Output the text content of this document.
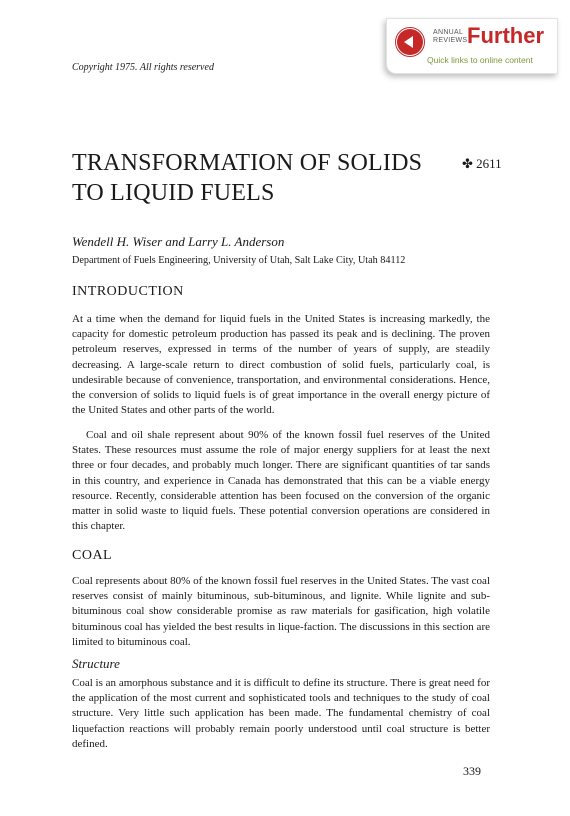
ANNUAL
REVIEWS Further
Quick links to online content
Copyright 1975. All rights reserved
TRANSFORMATION OF SOLIDS TO LIQUID FUELS
✤ 2611
Wendell H. Wiser and Larry L. Anderson
Department of Fuels Engineering, University of Utah, Salt Lake City, Utah 84112
INTRODUCTION
At a time when the demand for liquid fuels in the United States is increasing markedly, the capacity for domestic petroleum production has passed its peak and is declining. The proven petroleum reserves, expressed in terms of the number of years of supply, are steadily decreasing. A large-scale return to direct combustion of solid fuels, particularly coal, is undesirable because of convenience, transportation, and environmental considerations. Hence, the conversion of solids to liquid fuels is of great importance in the overall energy picture of the United States and other parts of the world.
Coal and oil shale represent about 90% of the known fossil fuel reserves of the United States. These resources must assume the role of major energy suppliers for at least the next three or four decades, and probably much longer. There are significant quantities of tar sands in this country, and experience in Canada has demonstrated that this can be a viable energy resource. Recently, considerable attention has been focused on the conversion of the organic matter in solid waste to liquid fuels. These potential conversion operations are considered in this chapter.
COAL
Coal represents about 80% of the known fossil fuel reserves in the United States. The vast coal reserves consist of mainly bituminous, sub-bituminous, and lignite. While lignite and sub-bituminous coal show considerable promise as raw materials for gasification, high volatile bituminous coal has yielded the best results in lique-faction. The discussions in this section are limited to bituminous coal.
Structure
Coal is an amorphous substance and it is difficult to define its structure. There is great need for the application of the most current and sophisticated tools and techniques to the study of coal structure. Very little such application has been made. The fundamental chemistry of coal liquefaction reactions will probably remain poorly understood until coal structure is better defined.
339
